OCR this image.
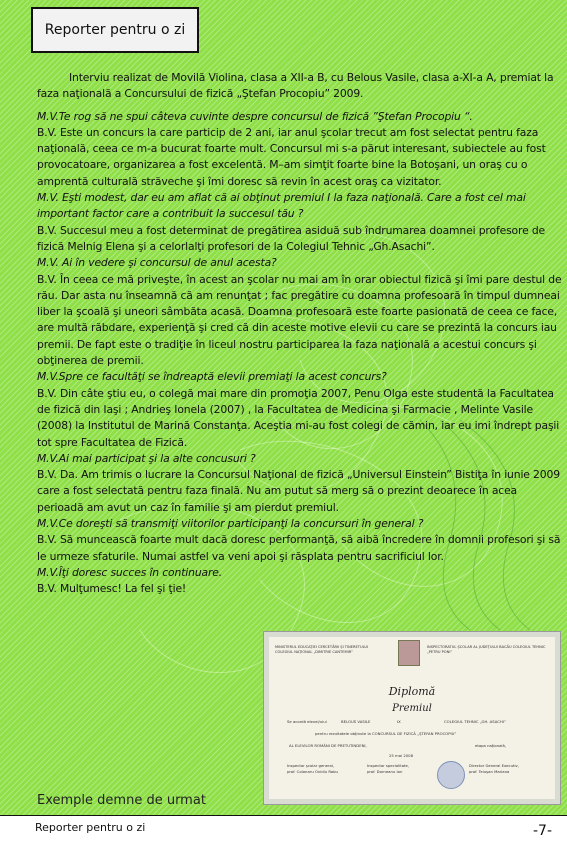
Reporter pentru o zi

Interviu realizat de Movilă Violina, clasa a XII-a B, cu Belous Vasile, clasa a-XI-a A, premiat la faza naţională a Concursului de fizică „Ştefan Procopiu” 2009.

M.V.Te rog să ne spui câteva cuvinte despre concursul de fizică ”Ştefan Procopiu “.
B.V. Este un concurs la care particip de 2 ani, iar anul şcolar trecut am fost selectat pentru faza naţională, ceea ce m-a bucurat foarte mult. Concursul mi s-a părut interesant, subiectele au fost provocatoare, organizarea a fost excelentă. M–am simţit foarte bine la Botoşani, un oraş cu o amprentă culturală străveche şi îmi doresc să revin în acest oraş ca vizitator.
M.V. Eşti modest, dar eu am aflat că ai obţinut premiul I la faza naţională. Care a fost cel mai important factor care a contribuit la succesul tău ?
B.V. Succesul meu a fost determinat de pregătirea asiduă sub îndrumarea doamnei profesore de fizică Melnig Elena şi a celorlalţi profesori de la Colegiul Tehnic „Gh.Asachi”.
M.V. Ai în vedere şi concursul de anul acesta?
B.V. În ceea ce mă priveşte, în acest an şcolar nu mai am în orar obiectul fizică şi îmi pare destul de rău. Dar asta nu înseamnă că am renunţat ; fac pregătire cu doamna profesoară în timpul dumneai liber la şcoală şi uneori sâmbăta acasă. Doamna profesoară este foarte pasionată de ceea ce face, are multă răbdare, experienţă şi cred că din aceste motive elevii cu care se prezintă la concurs iau premii. De fapt este o tradiţie în liceul nostru participarea la faza naţională a acestui concurs şi obţinerea de premii.
M.V.Spre ce facultăţi se îndreaptă elevii premiaţi la acest concurs?
B.V. Din câte ştiu eu, o colegă mai mare din promoţia 2007, Penu Olga este studentă la Facultatea de fizică din Iaşi ; Andrieş Ionela (2007) , la Facultatea de Medicina şi Farmacie , Melinte Vasile (2008) la Institutul de Marină Constanţa. Aceştia mi-au fost colegi de cămin, iar eu imi îndrept paşii tot spre Facultatea de Fizică.
M.V.Ai mai participat şi la alte concusuri ?
B.V. Da. Am trimis o lucrare la Concursul Naţional de fizică „Universul Einstein” Bistiţa în iunie 2009 care a fost selectată pentru faza finală. Nu am putut să merg să o prezint deoarece în acea perioadă am avut un caz în familie şi am pierdut premiul.
M.V.Ce doreşti să transmiţi viitorilor participanţi la concursuri în general ?
B.V. Să muncească foarte mult dacă doresc performanţă, să aibă încredere în domnii profesori şi să le urmeze sfaturile. Numai astfel va veni apoi şi răsplata pentru sacrificiul lor.
M.V.Îţi doresc succes în continuare.
B.V. Mulţumesc! La fel şi ţie!
MINISTERUL EDUCAŢIEI CERCETĂRII ŞI TINERETULUI COLEGIUL NAŢIONAL „DIMITRIE CANTEMIR”
INSPECTORATUL ŞCOLAR AL JUDEŢULUI BACĂU COLEGIUL TEHNIC „PETRU PONI”
Diplomă
Premiul
Se acordă elevei/ului	BELOUS VASILE	IX	COLEGIUL TEHNIC „GH. ASACHI”
pentru rezultatele obţinute la CONCURSUL DE FIZICĂ „ŞTEFAN PROCOPIU”
AL ELEVILOR ROMÂNI DE PRETUTINDENI,	etapa naţională,
25 mai 2008
Inspector şcolar general,
prof. Colonaru Ovidiu Robu
Inspector specialitate,
prof. Dorneanu Ion
Director General Executiv,
prof. Teiuşan Mariana
Exemple demne de urmat
Reporter pentru o zi	-7-
